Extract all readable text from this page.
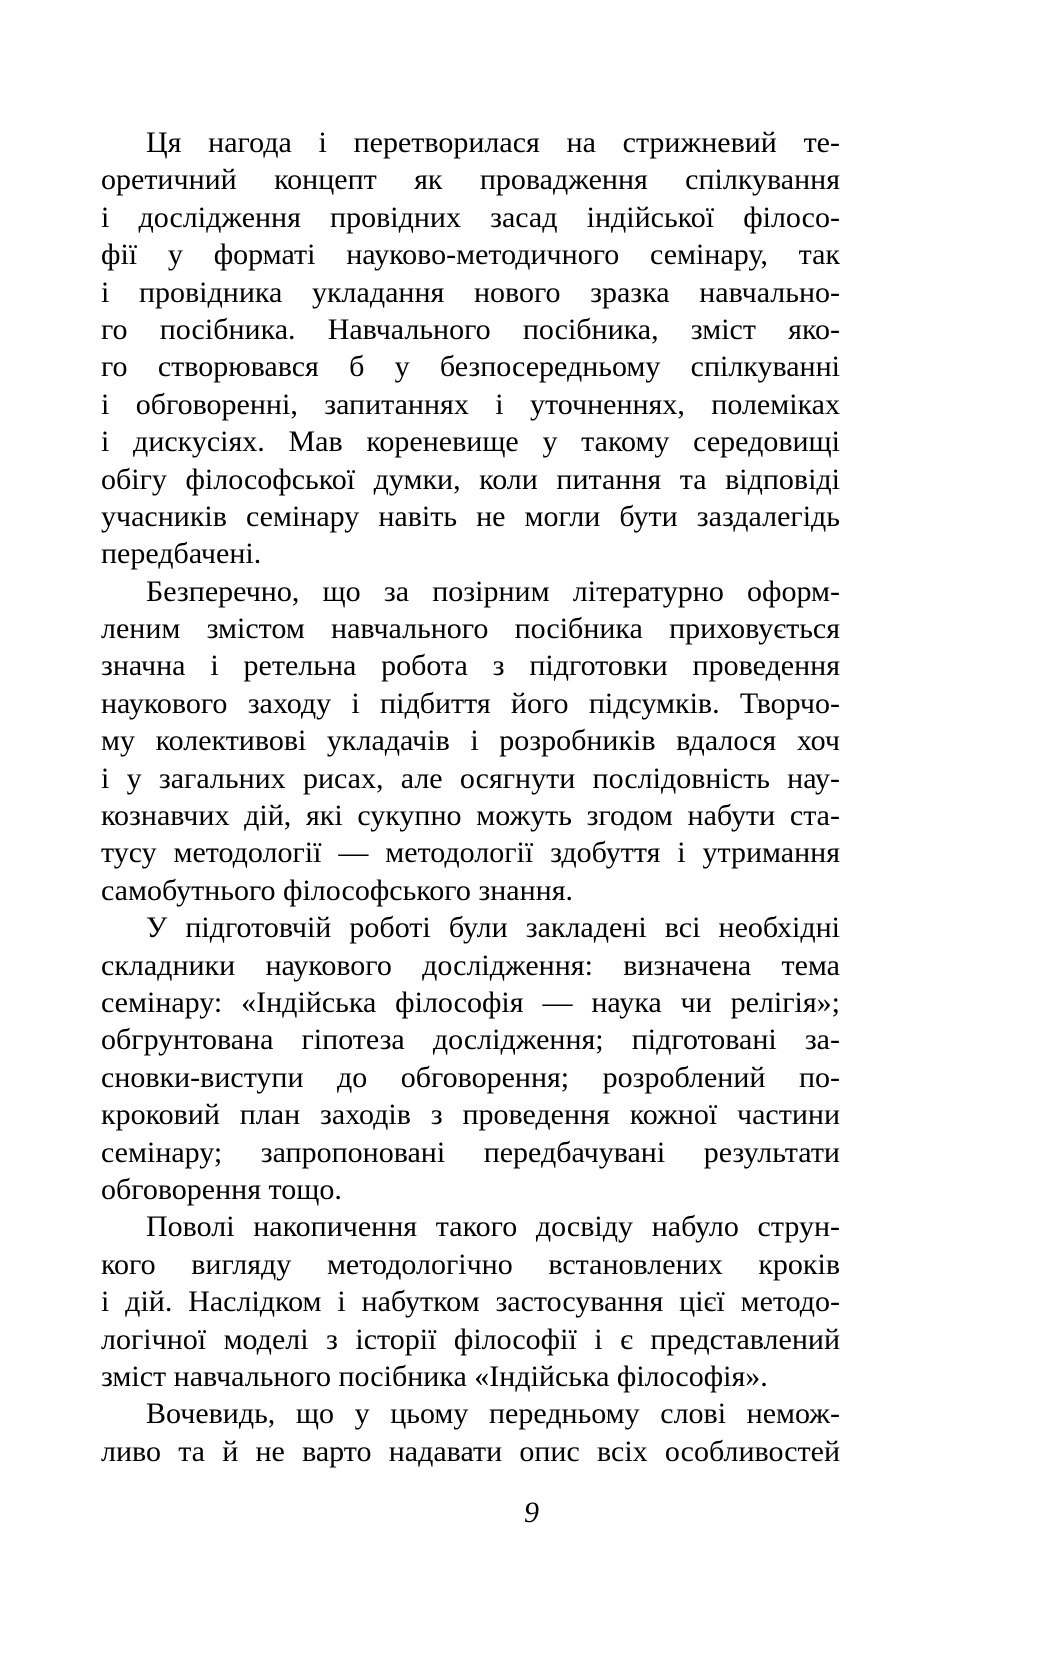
Ця нагода і перетворилася на стрижневий те-
оретичний концепт як провадження спілкування
і дослідження провідних засад індійської філосо-
фії у форматі науково-методичного семінару, так
і провідника укладання нового зразка навчально-
го посібника. Навчального посібника, зміст яко-
го створювався б у безпосередньому спілкуванні
і обговоренні, запитаннях і уточненнях, полеміках
і дискусіях. Мав кореневище у такому середовищі
обігу філософської думки, коли питання та відповіді
учасників семінару навіть не могли бути заздалегідь
передбачені.
Безперечно, що за позірним літературно оформ-
леним змістом навчального посібника приховується
значна і ретельна робота з підготовки проведення
наукового заходу і підбиття його підсумків. Творчо-
му колективові укладачів і розробників вдалося хоч
і у загальних рисах, але осягнути послідовність нау-
кознавчих дій, які сукупно можуть згодом набути ста-
тусу методології — методології здобуття і утримання
самобутнього філософського знання.
У підготовчій роботі були закладені всі необхідні
складники наукового дослідження: визначена тема
семінару: «Індійська філософія — наука чи релігія»;
обгрунтована гіпотеза дослідження; підготовані за-
сновки-виступи до обговорення; розроблений по-
кроковий план заходів з проведення кожної частини
семінару; запропоновані передбачувані результати
обговорення тощо.
Поволі накопичення такого досвіду набуло струн-
кого вигляду методологічно встановлених кроків
і дій. Наслідком і набутком застосування цієї методо-
логічної моделі з історії філософії і є представлений
зміст навчального посібника «Індійська філософія».
Вочевидь, що у цьому передньому слові немож-
ливо та й не варто надавати опис всіх особливостей
9
